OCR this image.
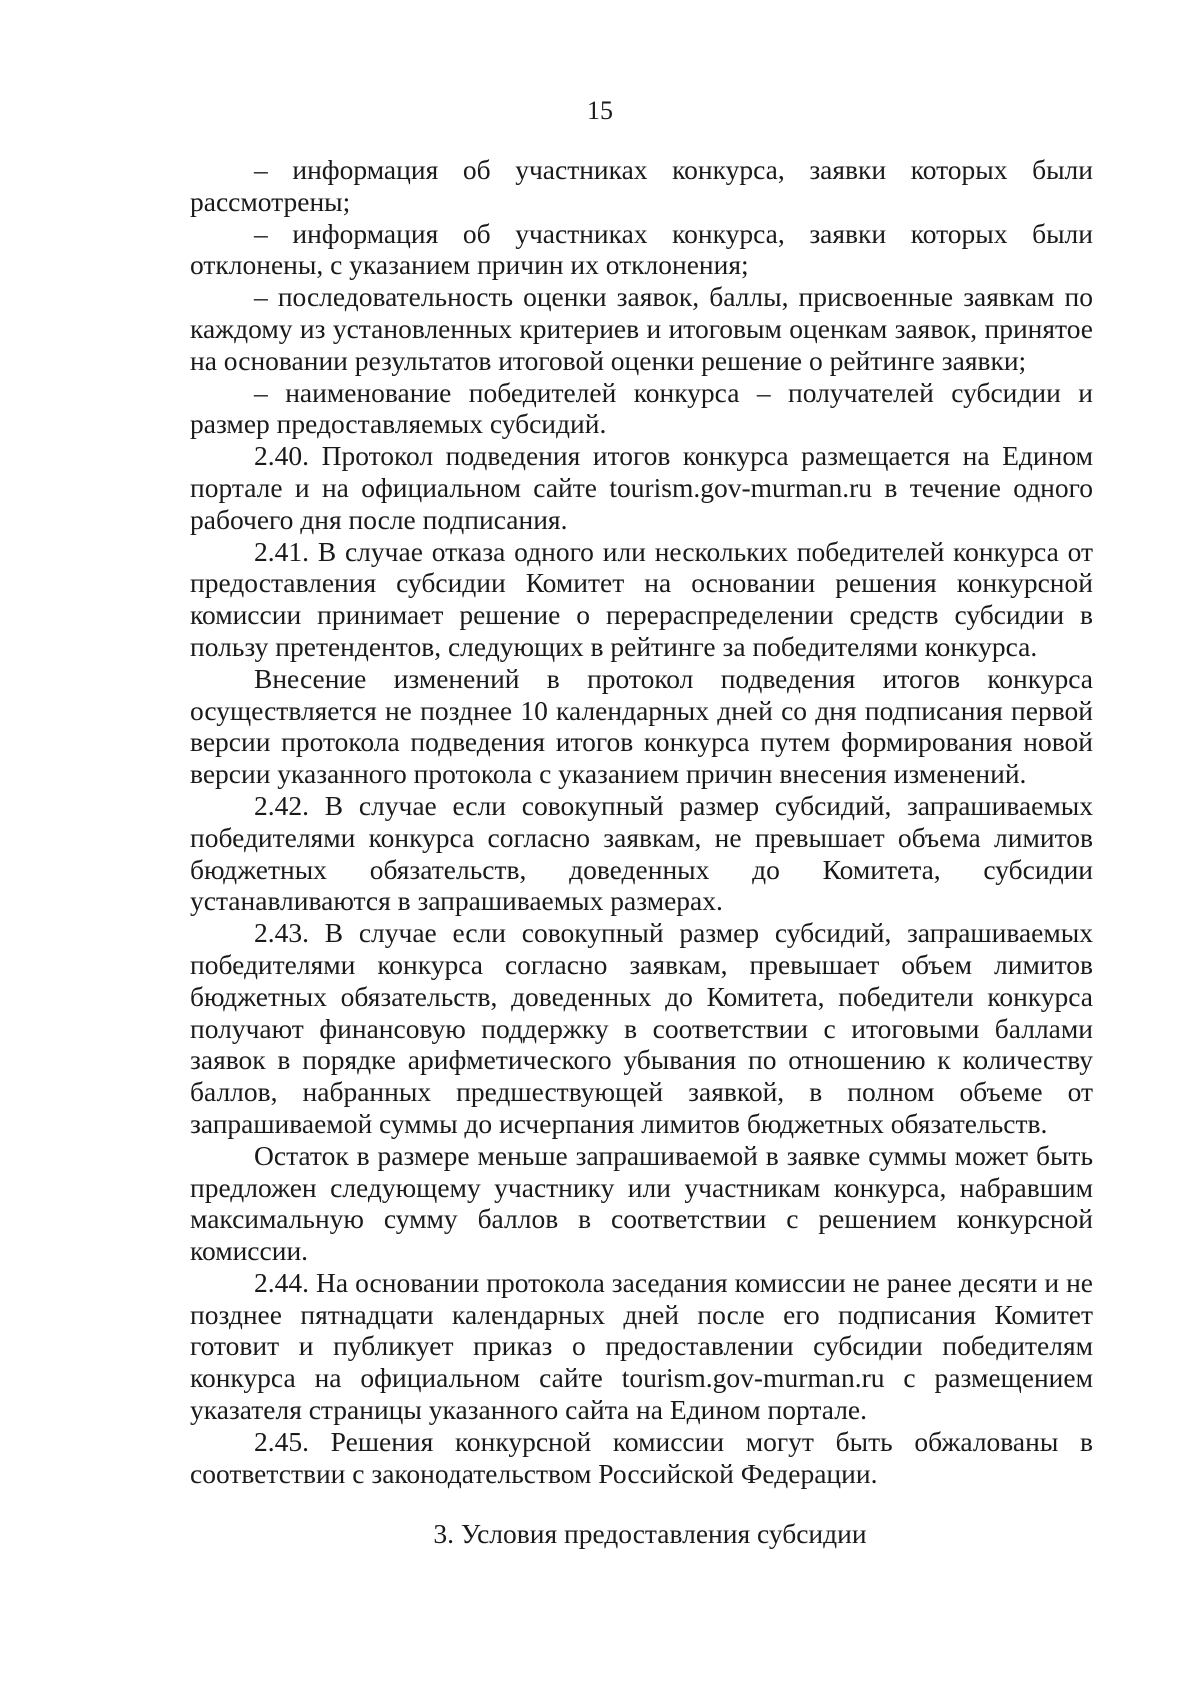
15

– информация об участниках конкурса, заявки которых были рассмотрены;

– информация об участниках конкурса, заявки которых были отклонены, с указанием причин их отклонения;

– последовательность оценки заявок, баллы, присвоенные заявкам по каждому из установленных критериев и итоговым оценкам заявок, принятое на основании результатов итоговой оценки решение о рейтинге заявки;

– наименование победителей конкурса – получателей субсидии и размер предоставляемых субсидий.

2.40. Протокол подведения итогов конкурса размещается на Едином портале и на официальном сайте tourism.gov-murman.ru в течение одного рабочего дня после подписания.

2.41. В случае отказа одного или нескольких победителей конкурса от предоставления субсидии Комитет на основании решения конкурсной комиссии принимает решение о перераспределении средств субсидии в пользу претендентов, следующих в рейтинге за победителями конкурса.

Внесение изменений в протокол подведения итогов конкурса осуществляется не позднее 10 календарных дней со дня подписания первой версии протокола подведения итогов конкурса путем формирования новой версии указанного протокола с указанием причин внесения изменений.

2.42. В случае если совокупный размер субсидий, запрашиваемых победителями конкурса согласно заявкам, не превышает объема лимитов бюджетных обязательств, доведенных до Комитета, субсидии устанавливаются в запрашиваемых размерах.

2.43. В случае если совокупный размер субсидий, запрашиваемых победителями конкурса согласно заявкам, превышает объем лимитов бюджетных обязательств, доведенных до Комитета, победители конкурса получают финансовую поддержку в соответствии с итоговыми баллами заявок в порядке арифметического убывания по отношению к количеству баллов, набранных предшествующей заявкой, в полном объеме от запрашиваемой суммы до исчерпания лимитов бюджетных обязательств.

Остаток в размере меньше запрашиваемой в заявке суммы может быть предложен следующему участнику или участникам конкурса, набравшим максимальную сумму баллов в соответствии с решением конкурсной комиссии.

2.44. На основании протокола заседания комиссии не ранее десяти и не позднее пятнадцати календарных дней после его подписания Комитет готовит и публикует приказ о предоставлении субсидии победителям конкурса на официальном сайте tourism.gov-murman.ru с размещением указателя страницы указанного сайта на Едином портале.

2.45. Решения конкурсной комиссии могут быть обжалованы в соответствии с законодательством Российской Федерации.

3. Условия предоставления субсидии
